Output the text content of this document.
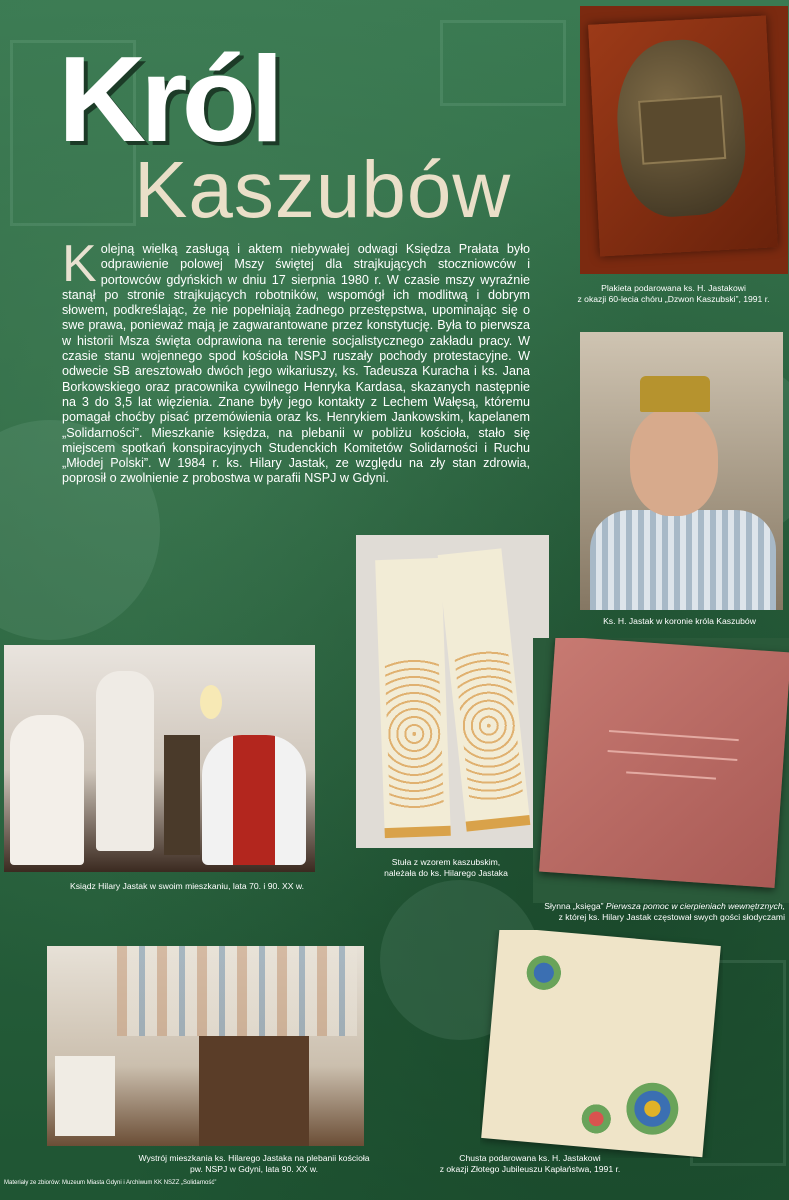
Król
Kaszubów

Kolejną wielką zasługą i aktem niebywałej odwagi Księdza Prałata było odprawienie polowej Mszy świętej dla strajkujących stoczniowców i portowców gdyńskich w dniu 17 sierpnia 1980 r. W czasie mszy wyraźnie stanął po stronie strajkujących robotników, wspomógł ich modlitwą i dobrym słowem, podkreślając, że nie popełniają żadnego przestępstwa, upominając się o swe prawa, ponieważ mają je zagwarantowane przez konstytucję. Była to pierwsza w historii Msza święta odprawiona na terenie socjalistycznego zakładu pracy. W czasie stanu wojennego spod kościoła NSPJ ruszały pochody protestacyjne. W odwecie SB aresztowało dwóch jego wikariuszy, ks. Tadeusza Kuracha i ks. Jana Borkowskiego oraz pracownika cywilnego Henryka Kardasa, skazanych następnie na 3 do 3,5 lat więzienia. Znane były jego kontakty z Lechem Wałęsą, któremu pomagał choćby pisać przemówienia oraz ks. Henrykiem Jankowskim, kapelanem „Solidarności”. Mieszkanie księdza, na plebanii w pobliżu kościoła, stało się miejscem spotkań konspiracyjnych Studenckich Komitetów Solidarności i Ruchu „Młodej Polski”. W 1984 r. ks. Hilary Jastak, ze względu na zły stan zdrowia, poprosił o zwolnienie z probostwa w parafii NSPJ w Gdyni.

Plakieta podarowana ks. H. Jastakowi
z okazji 60-lecia chóru „Dzwon Kaszubski”, 1991 r.

Ks. H. Jastak w koronie króla Kaszubów

Stuła z wzorem kaszubskim,
należała do ks. Hilarego Jastaka

Ksiądz Hilary Jastak w swoim mieszkaniu, lata 70. i 90. XX w.

Słynna „księga” Pierwsza pomoc w cierpieniach wewnętrznych,
z której ks. Hilary Jastak częstował swych gości słodyczami

Wystrój mieszkania ks. Hilarego Jastaka na plebanii kościoła
pw. NSPJ w Gdyni, lata 90. XX w.

Chusta podarowana ks. H. Jastakowi
z okazji Złotego Jubileuszu Kapłaństwa, 1991 r.

Materiały ze zbiorów: Muzeum Miasta Gdyni i Archiwum KK NSZZ „Solidarność”
